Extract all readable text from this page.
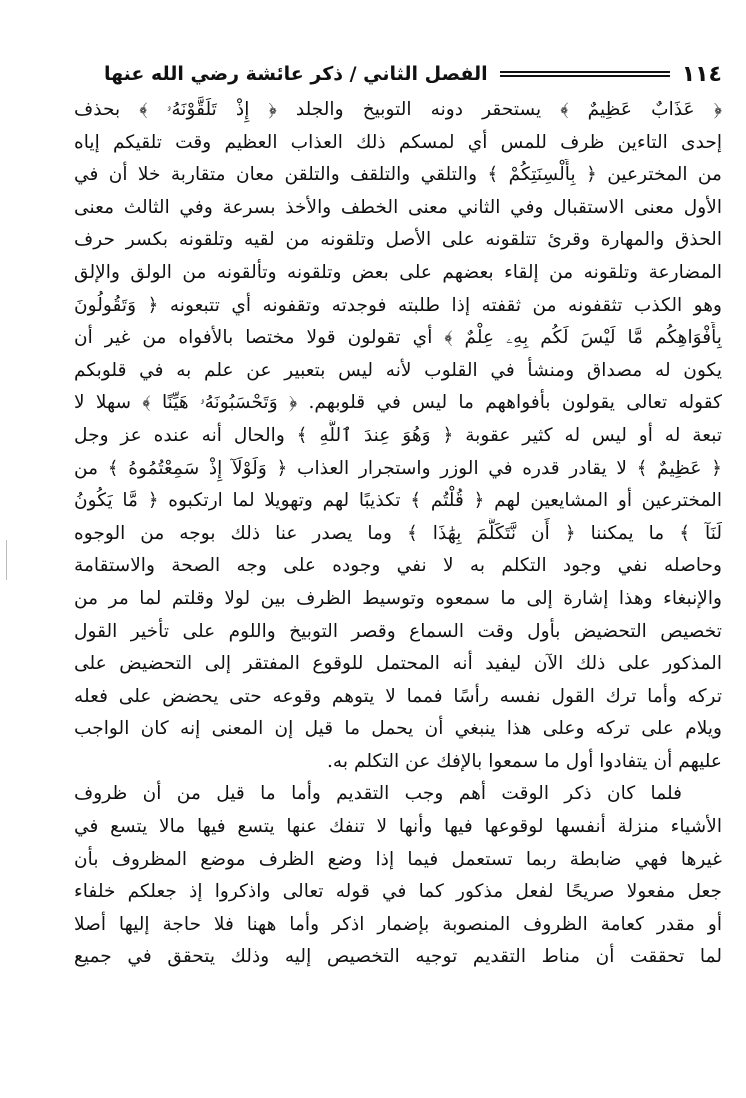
١١٤
الفصل الثاني / ذكر عائشة رضي الله عنها
﴿ عَذَابٌ عَظِيمٌ ﴾ يستحقر دونه التوبيخ والجلد ﴿ إِذْ تَلَقَّوْنَهُۥ ﴾ بحذف
إحدى التاءين ظرف للمس أي لمسكم ذلك العذاب العظيم وقت تلقيكم إياه
من المخترعين ﴿ بِأَلْسِنَتِكُمْ ﴾ والتلقي والتلقف والتلقن معان متقاربة خلا أن في
الأول معنى الاستقبال وفي الثاني معنى الخطف والأخذ بسرعة وفي الثالث معنى
الحذق والمهارة وقرئ تتلقونه على الأصل وتلقونه من لقيه وتلقونه بكسر حرف
المضارعة وتلقونه من إلقاء بعضهم على بعض وتلقونه وتألقونه من الولق والإلق
وهو الكذب تثقفونه من ثقفته إذا طلبته فوجدته وتقفونه أي تتبعونه ﴿ وَتَقُولُونَ
بِأَفْوَاهِكُم مَّا لَيْسَ لَكُم بِهِۦ عِلْمٌ ﴾ أي تقولون قولا مختصا بالأفواه من غير أن
يكون له مصداق ومنشأ في القلوب لأنه ليس بتعبير عن علم به في قلوبكم
كقوله تعالى يقولون بأفواههم ما ليس في قلوبهم. ﴿ وَتَحْسَبُونَهُۥ هَيِّنًا ﴾ سهلا لا
تبعة له أو ليس له كثير عقوبة ﴿ وَهُوَ عِندَ ٱللَّهِ ﴾ والحال أنه عنده عز وجل
﴿ عَظِيمٌ ﴾ لا يقادر قدره في الوزر واستجرار العذاب ﴿ وَلَوْلَآ إِذْ سَمِعْتُمُوهُ ﴾ من
المخترعين أو المشايعين لهم ﴿ قُلْتُم ﴾ تكذيبًا لهم وتهويلا لما ارتكبوه ﴿ مَّا يَكُونُ
لَنَآ ﴾ ما يمكننا ﴿ أَن نَّتَكَلَّمَ بِهَٰذَا ﴾ وما يصدر عنا ذلك بوجه من الوجوه
وحاصله نفي وجود التكلم به لا نفي وجوده على وجه الصحة والاستقامة
والإنبغاء وهذا إشارة إلى ما سمعوه وتوسيط الظرف بين لولا وقلتم لما مر من
تخصيص التحضيض بأول وقت السماع وقصر التوبيخ واللوم على تأخير القول
المذكور على ذلك الآن ليفيد أنه المحتمل للوقوع المفتقر إلى التحضيض على
تركه وأما ترك القول نفسه رأسًا فمما لا يتوهم وقوعه حتى يحضض على فعله
ويلام على تركه وعلى هذا ينبغي أن يحمل ما قيل إن المعنى إنه كان الواجب
عليهم أن يتفادوا أول ما سمعوا بالإفك عن التكلم به.
فلما كان ذكر الوقت أهم وجب التقديم وأما ما قيل من أن ظروف
الأشياء منزلة أنفسها لوقوعها فيها وأنها لا تنفك عنها يتسع فيها مالا يتسع في
غيرها فهي ضابطة ربما تستعمل فيما إذا وضع الظرف موضع المظروف بأن
جعل مفعولا صريحًا لفعل مذكور كما في قوله تعالى واذكروا إذ جعلكم خلفاء
أو مقدر كعامة الظروف المنصوبة بإضمار اذكر وأما ههنا فلا حاجة إليها أصلا
لما تحققت أن مناط التقديم توجيه التخصيص إليه وذلك يتحقق في جميع
